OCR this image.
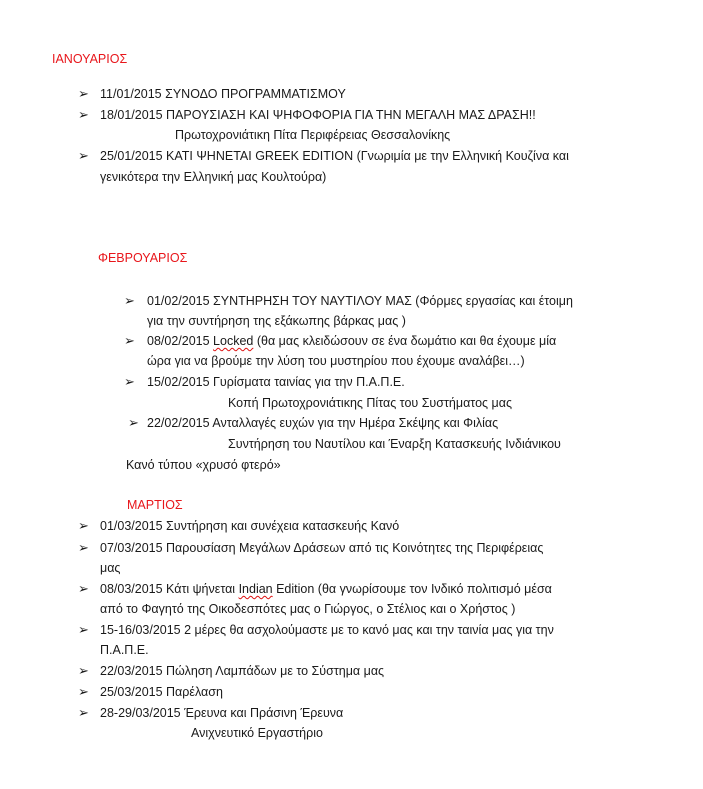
ΙΑΝΟΥΑΡΙΟΣ
➢ 11/01/2015 ΣΥΝΟΔΟ ΠΡΟΓΡΑΜΜΑΤΙΣΜΟΥ
➢ 18/01/2015 ΠΑΡΟΥΣΙΑΣΗ ΚΑΙ ΨΗΦΟΦΟΡΙΑ ΓΙΑ ΤΗΝ ΜΕΓΑΛΗ ΜΑΣ ΔΡΑΣΗ!!
Πρωτοχρονιάτικη Πίτα Περιφέρειας Θεσσαλονίκης
➢ 25/01/2015 ΚΑΤΙ ΨΗΝΕΤΑΙ GREEK EDITION (Γνωριμία με την Ελληνική Κουζίνα και
γενικότερα την Ελληνική μας Κουλτούρα)
ΦΕΒΡΟΥΑΡΙΟΣ
➢ 01/02/2015 ΣΥΝΤΗΡΗΣΗ ΤΟΥ ΝΑΥΤΙΛΟΥ ΜΑΣ (Φόρμες εργασίας και έτοιμη
για την συντήρηση της εξάκωπης βάρκας μας )
➢ 08/02/2015 Locked (θα μας κλειδώσουν σε ένα δωμάτιο και θα έχουμε μία
ώρα για να βρούμε την λύση του μυστηρίου που έχουμε αναλάβει…)
➢ 15/02/2015 Γυρίσματα ταινίας για την Π.Α.Π.Ε.
Κοπή Πρωτοχρονιάτικης Πίτας του Συστήματος μας
➢ 22/02/2015 Ανταλλαγές ευχών για την Ημέρα Σκέψης και Φιλίας
Συντήρηση του Ναυτίλου και Έναρξη Κατασκευής Ινδιάνικου
Κανό τύπου «χρυσό φτερό»
ΜΑΡΤΙΟΣ
➢ 01/03/2015 Συντήρηση και συνέχεια κατασκευής Κανό
➢ 07/03/2015 Παρουσίαση Μεγάλων Δράσεων από τις Κοινότητες της Περιφέρειας
μας
➢ 08/03/2015 Κάτι ψήνεται Indian Edition (θα γνωρίσουμε τον Ινδικό πολιτισμό μέσα
από το Φαγητό της Οικοδεσπότες μας ο Γιώργος, ο Στέλιος και ο Χρήστος )
➢ 15-16/03/2015 2 μέρες θα ασχολούμαστε με το κανό μας και την ταινία μας για την
Π.Α.Π.Ε.
➢ 22/03/2015 Πώληση Λαμπάδων με το Σύστημα μας
➢ 25/03/2015 Παρέλαση
➢ 28-29/03/2015 Έρευνα και Πράσινη Έρευνα
Ανιχνευτικό Εργαστήριο
